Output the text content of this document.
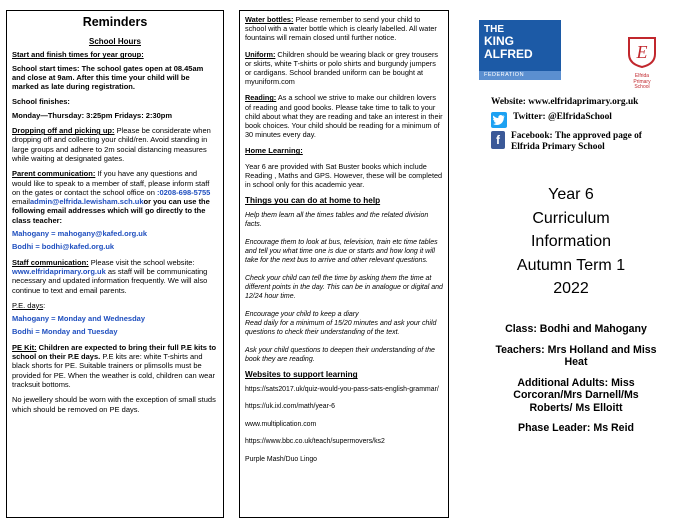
Reminders
School Hours

Start and finish times for year group:

School start times: The school gates open at 08.45am and close at 9am. After this time your child will be marked as late during registration.

School finishes:

Monday—Thursday: 3:25pm Fridays: 2:30pm

Dropping off and picking up: Please be considerate when dropping off and collecting your child/ren. Avoid standing in large groups and adhere to 2m social distancing measures while waiting at designated gates.

Parent communication: If you have any questions and would like to speak to a member of staff, please inform staff on the gates or contact the school office on :0208-698-5755 emailadmin@elfrida.lewisham.sch.ukor you can use the following email addresses which will go directly to the class teacher:

Mahogany = mahogany@kafed.org.uk

Bodhi = bodhi@kafed.org.uk

Staff communication: Please visit the school website: www.elfridaprimary.org.uk as staff will be communicating necessary and updated information frequently. We will also continue to text and email parents.

P.E. days:

Mahogany = Monday and Wednesday

Bodhi = Monday and Tuesday

PE Kit: Children are expected to bring their full P.E kits to school on their P.E days. P.E kits are: white T-shirts and black shorts for PE. Suitable trainers or plimsolls must be provided for PE. When the weather is cold, children can wear tracksuit bottoms.

No jewellery should be worn with the exception of small studs which should be removed on PE days.

Water bottles: Please remember to send your child to school with a water bottle which is clearly labelled. All water fountains will remain closed until further notice.

Uniform: Children should be wearing black or grey trousers or skirts, white T-shirts or polo shirts and burgundy jumpers or cardigans. School branded uniform can be bought at myuniform.com

Reading: As a school we strive to make our children lovers of reading and good books. Please take time to talk to your child about what they are reading and take an interest in their book choices. Your child should be reading for a minimum of 30 minutes every day.

Home Learning:

Year 6 are provided with Sat Buster books which include Reading , Maths and GPS. However, these will be completed in school only for this academic year.

Things you can do at home to help

Help them learn all the times tables and the related division facts.

Encourage them to look at bus, television, train etc time tables and tell you what time one is due or starts and how long it will take for the next bus to arrive and other relevant questions.

Check your child can tell the time by asking them the time at different points in the day. This can be in analogue or digital and 12/24 hour time.

Encourage your child to keep a diary
Read daily for a minimum of 15/20 minutes and ask your child questions to check their understanding of the text.

Ask your child questions to deepen their understanding of the book they are reading.

Websites to support learning

https://sats2017.uk/quiz-would-you-pass-sats-english-grammar/

https://uk.ixl.com/math/year-6

www.multiplication.com

https://www.bbc.co.uk/teach/supermovers/ks2

Purple Mash/Duo Lingo

THE
KING
ALFRED
FEDERATION
E
Elfrida Primary School
Website: www.elfridaprimary.org.uk
Twitter: @ElfridaSchool
f	Facebook: The approved page of Elfrida Primary School
Year 6
Curriculum
Information
Autumn Term 1
2022
Class: Bodhi and Mahogany
Teachers: Mrs Holland and Miss Heat
Additional Adults: Miss Corcoran/Mrs Darnell/Ms Roberts/ Ms Elloitt
Phase Leader: Ms Reid
